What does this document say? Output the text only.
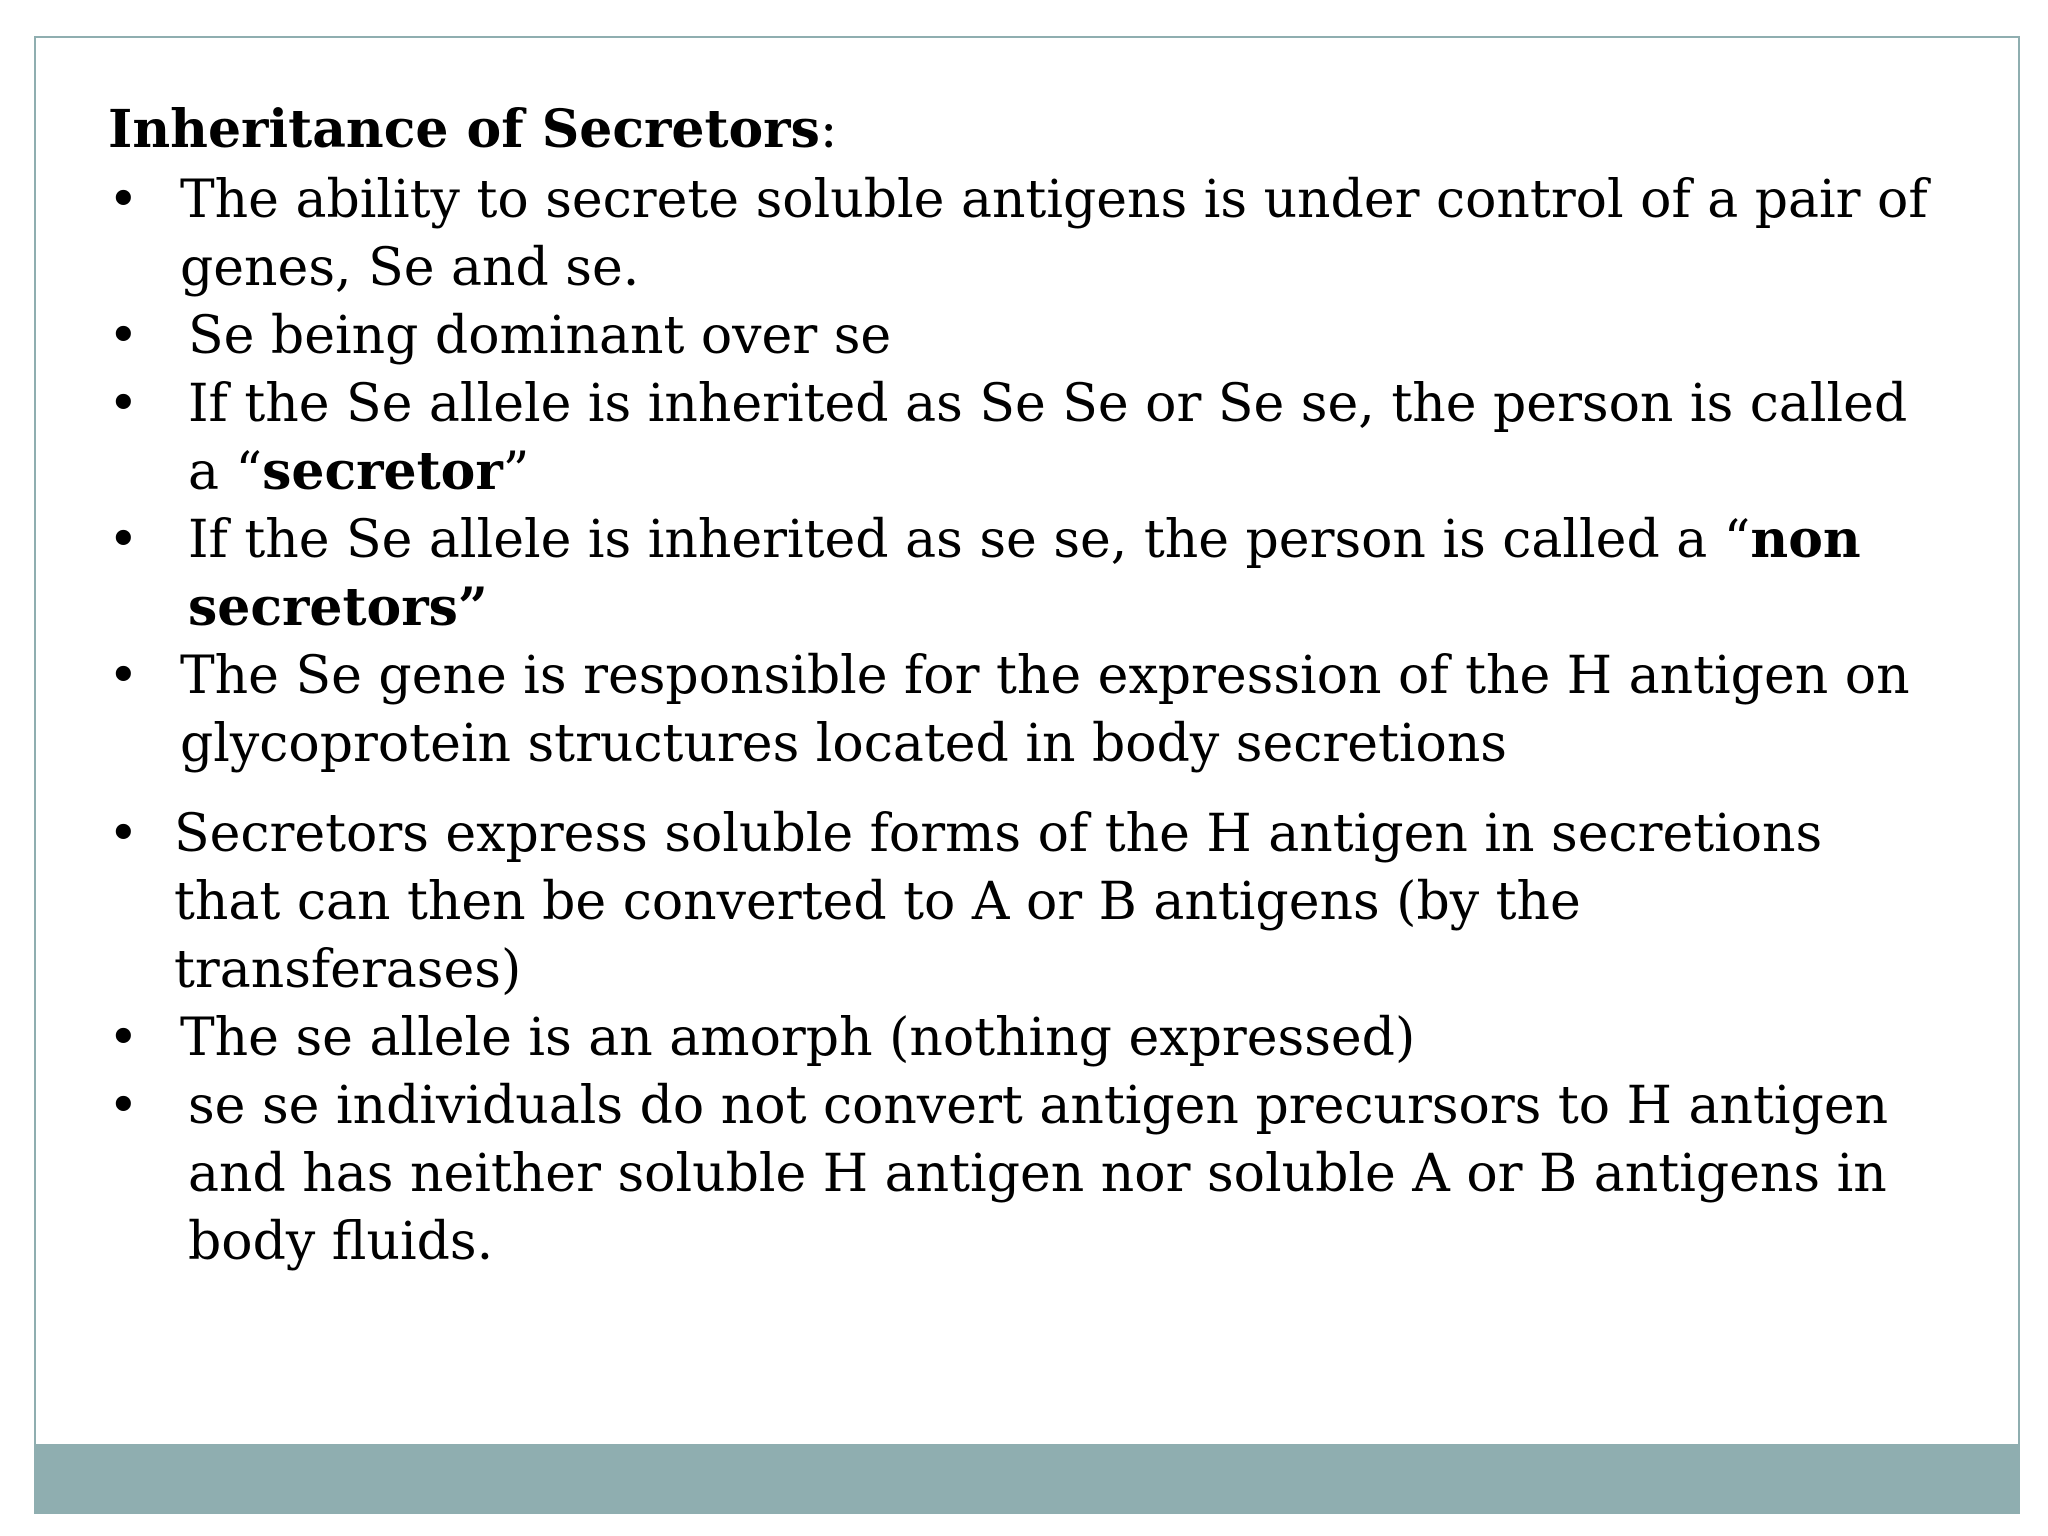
Inheritance of Secretors:
• The ability to secrete soluble antigens is under control of a pair of genes, Se and se.
• Se being dominant over se
• If the Se allele is inherited as Se Se or Se se, the person is called a “secretor”
• If the Se allele is inherited as se se, the person is called a “non secretors”
• The Se gene is responsible for the expression of the H antigen on glycoprotein structures located in body secretions
• Secretors express soluble forms of the H antigen in secretions that can then be converted to A or B antigens (by the transferases)
• The se allele is an amorph (nothing expressed)
• se se individuals do not convert antigen precursors to H antigen and has neither soluble H antigen nor soluble A or B antigens in body fluids.
